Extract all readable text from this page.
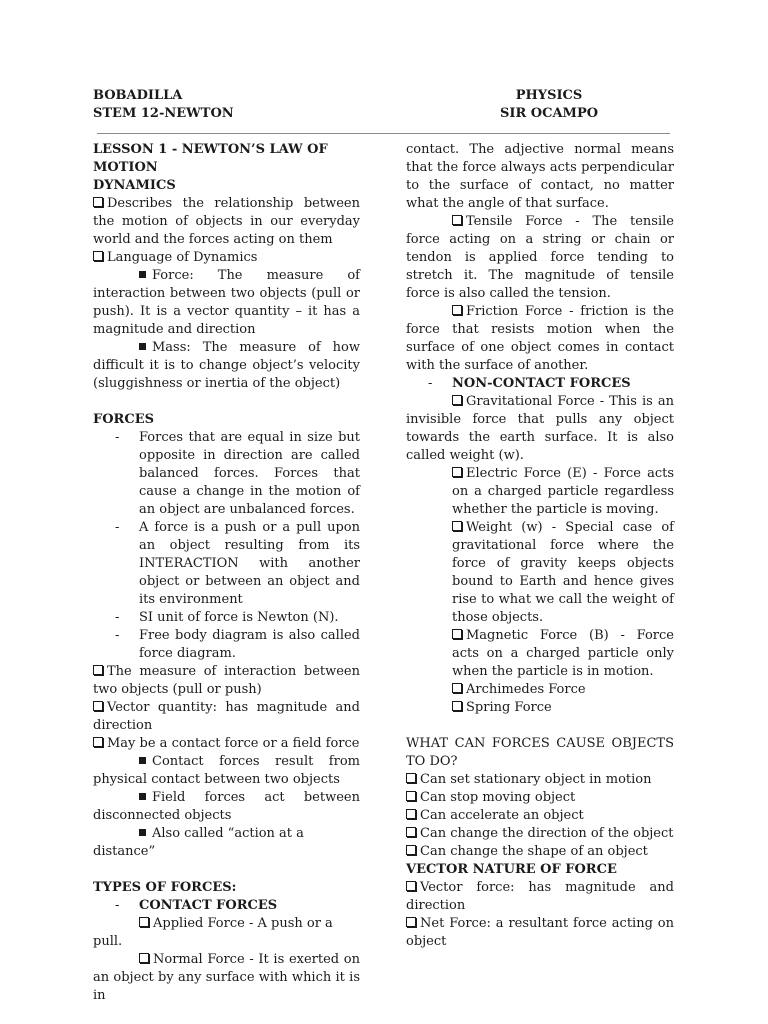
BOBADILLA
STEM 12-NEWTON
PHYSICS
SIR OCAMPO

LESSON 1 - NEWTON’S LAW OF MOTION

DYNAMICS

Describes the relationship between the motion of objects in our everyday world and the forces acting on them

Language of Dynamics

Force: The measure of interaction between two objects (pull or push). It is a vector quantity – it has a magnitude and direction

Mass: The measure of how difficult it is to change object’s velocity (sluggishness or inertia of the object)

FORCES

-	Forces that are equal in size but opposite in direction are called balanced forces. Forces that cause a change in the motion of an object are unbalanced forces.
-	A force is a push or a pull upon an object resulting from its INTERACTION with another object or between an object and its environment
-	SI unit of force is Newton (N).
-	Free body diagram is also called force diagram.

The measure of interaction between two objects (pull or push)

Vector quantity: has magnitude and direction

May be a contact force or a field force

Contact forces result from physical contact between two objects

Field forces act between disconnected objects

Also called “action at a distance”

TYPES OF FORCES:

-	CONTACT FORCES

Applied Force - A push or a pull.

Normal Force - It is exerted on an object by any surface with which it is in

contact. The adjective normal means that the force always acts perpendicular to the surface of contact, no matter what the angle of that surface.

Tensile Force - The tensile force acting on a string or chain or tendon is applied force tending to stretch it. The magnitude of tensile force is also called the tension.

Friction Force - friction is the force that resists motion when the surface of one object comes in contact with the surface of another.

-	NON-CONTACT FORCES

Gravitational Force - This is an invisible force that pulls any object towards the earth surface. It is also called weight (w).

Electric Force (E) - Force acts on a charged particle regardless whether the particle is moving.

Weight (w) - Special case of gravitational force where the force of gravity keeps objects bound to Earth and hence gives rise to what we call the weight of those objects.

Magnetic Force (B) - Force acts on a charged particle only when the particle is in motion.

Archimedes Force

Spring Force

WHAT CAN FORCES CAUSE OBJECTS TO DO?

Can set stationary object in motion

Can stop moving object

Can accelerate an object

Can change the direction of the object

Can change the shape of an object

VECTOR NATURE OF FORCE

Vector force: has magnitude and direction

Net Force: a resultant force acting on object
